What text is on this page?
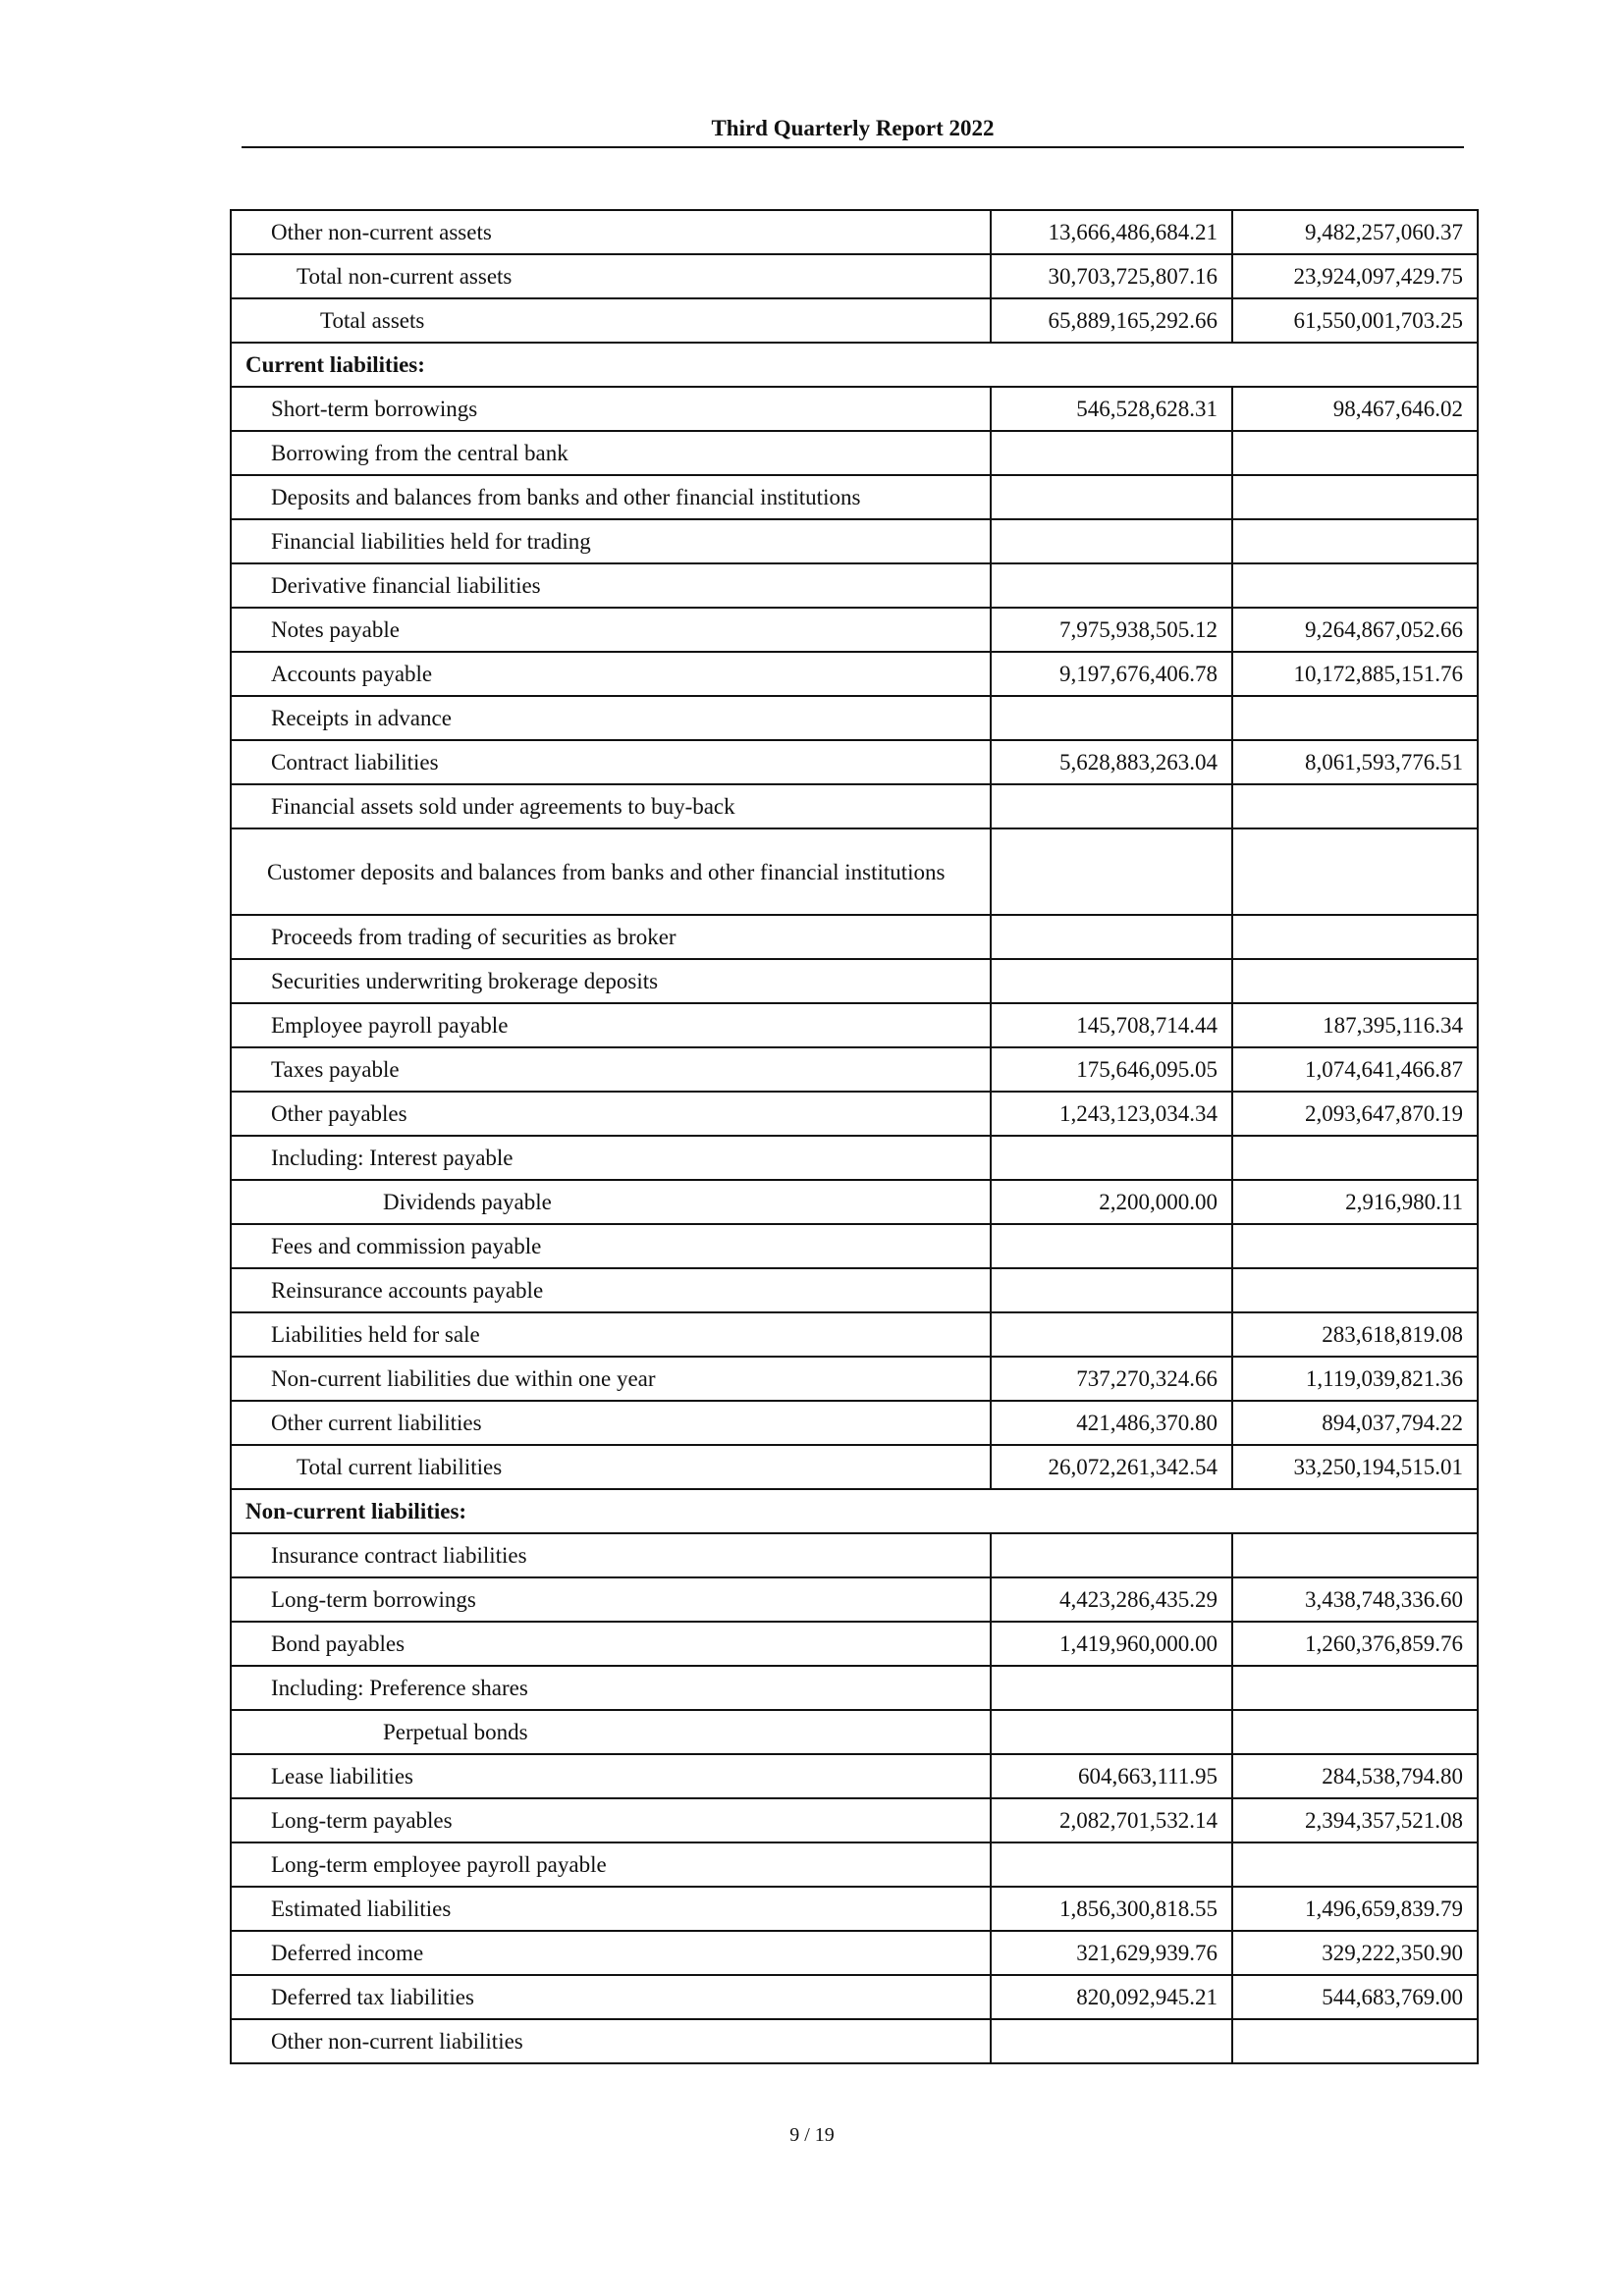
Third Quarterly Report 2022
Other non-current assets	13,666,486,684.21	9,482,257,060.37
Total non-current assets	30,703,725,807.16	23,924,097,429.75
Total assets	65,889,165,292.66	61,550,001,703.25
Current liabilities:		
Short-term borrowings	546,528,628.31	98,467,646.02
Borrowing from the central bank		
Deposits and balances from banks and other financial institutions		
Financial liabilities held for trading		
Derivative financial liabilities		
Notes payable	7,975,938,505.12	9,264,867,052.66
Accounts payable	9,197,676,406.78	10,172,885,151.76
Receipts in advance		
Contract liabilities	5,628,883,263.04	8,061,593,776.51
Financial assets sold under agreements to buy-back		
Customer deposits and balances from banks and other financial institutions		
Proceeds from trading of securities as broker		
Securities underwriting brokerage deposits		
Employee payroll payable	145,708,714.44	187,395,116.34
Taxes payable	175,646,095.05	1,074,641,466.87
Other payables	1,243,123,034.34	2,093,647,870.19
Including: Interest payable		
Dividends payable	2,200,000.00	2,916,980.11
Fees and commission payable		
Reinsurance accounts payable		
Liabilities held for sale		283,618,819.08
Non-current liabilities due within one year	737,270,324.66	1,119,039,821.36
Other current liabilities	421,486,370.80	894,037,794.22
Total current liabilities	26,072,261,342.54	33,250,194,515.01
Non-current liabilities:		
Insurance contract liabilities		
Long-term borrowings	4,423,286,435.29	3,438,748,336.60
Bond payables	1,419,960,000.00	1,260,376,859.76
Including: Preference shares		
Perpetual bonds		
Lease liabilities	604,663,111.95	284,538,794.80
Long-term payables	2,082,701,532.14	2,394,357,521.08
Long-term employee payroll payable		
Estimated liabilities	1,856,300,818.55	1,496,659,839.79
Deferred income	321,629,939.76	329,222,350.90
Deferred tax liabilities	820,092,945.21	544,683,769.00
Other non-current liabilities		
9 / 19
